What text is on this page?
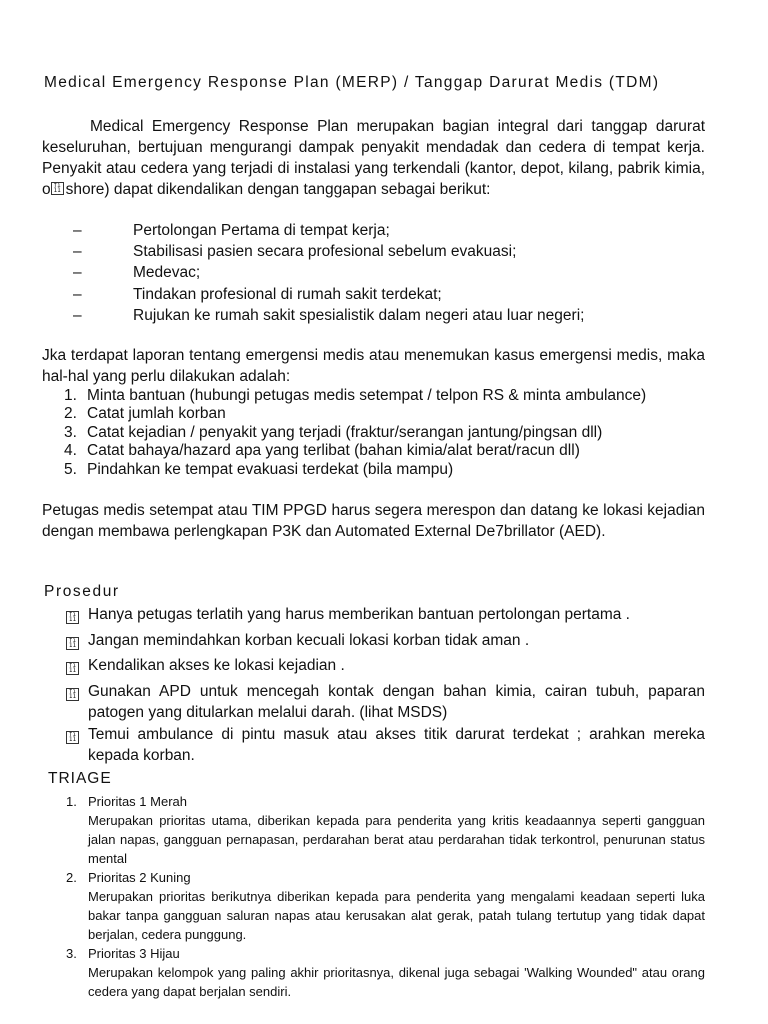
Medical Emergency Response Plan (MERP) / Tanggap Darurat Medis (TDM)
Medical Emergency Response Plan merupakan bagian integral dari tanggap darurat keseluruhan, bertujuan mengurangi dampak penyakit mendadak dan cedera di tempat kerja. Penyakit atau cedera yang terjadi di instalasi yang terkendali (kantor, depot, kilang, pabrik kimia, o fi 11 shore) dapat dikendalikan dengan tanggapan sebagai berikut:
–	Pertolongan Pertama di tempat kerja;
–	Stabilisasi pasien secara profesional sebelum evakuasi;
–	Medevac;
–	Tindakan profesional di rumah sakit terdekat;
–	Rujukan ke rumah sakit spesialistik dalam negeri atau luar negeri;
Jka terdapat laporan tentang emergensi medis atau menemukan kasus emergensi medis, maka hal-hal yang perlu dilakukan adalah:
1. Minta bantuan (hubungi petugas medis setempat / telpon RS & minta ambulance)
2. Catat jumlah korban
3. Catat kejadian / penyakit yang terjadi (fraktur/serangan jantung/pingsan dll)
4. Catat bahaya/hazard apa yang terlibat (bahan kimia/alat berat/racun dll)
5. Pindahkan ke tempat evakuasi terdekat (bila mampu)
Petugas medis setempat atau TIM PPGD harus segera merespon dan datang ke lokasi kejadian dengan membawa perlengkapan P3K dan Automated External De7brillator (AED).
Prosedur
fi 11 Hanya petugas terlatih yang harus memberikan bantuan pertolongan pertama .
fi 11 Jangan memindahkan korban kecuali lokasi korban tidak aman .
fi 11 Kendalikan akses ke lokasi kejadian .
fi 11 Gunakan APD untuk mencegah kontak dengan bahan kimia, cairan tubuh, paparan patogen yang ditularkan melalui darah. (lihat MSDS)
fi 11 Temui ambulance di pintu masuk atau akses titik darurat terdekat ; arahkan mereka kepada korban.
TRIAGE
1. Prioritas 1 Merah
Merupakan prioritas utama, diberikan kepada para penderita yang kritis keadaannya seperti gangguan jalan napas, gangguan pernapasan, perdarahan berat atau perdarahan tidak terkontrol, penurunan status mental
2. Prioritas 2 Kuning
Merupakan prioritas berikutnya diberikan kepada para penderita yang mengalami keadaan seperti luka bakar tanpa gangguan saluran napas atau kerusakan alat gerak, patah tulang tertutup yang tidak dapat berjalan, cedera punggung.
3. Prioritas 3 Hijau
Merupakan kelompok yang paling akhir prioritasnya, dikenal juga sebagai 'Walking Wounded" atau orang cedera yang dapat berjalan sendiri.
